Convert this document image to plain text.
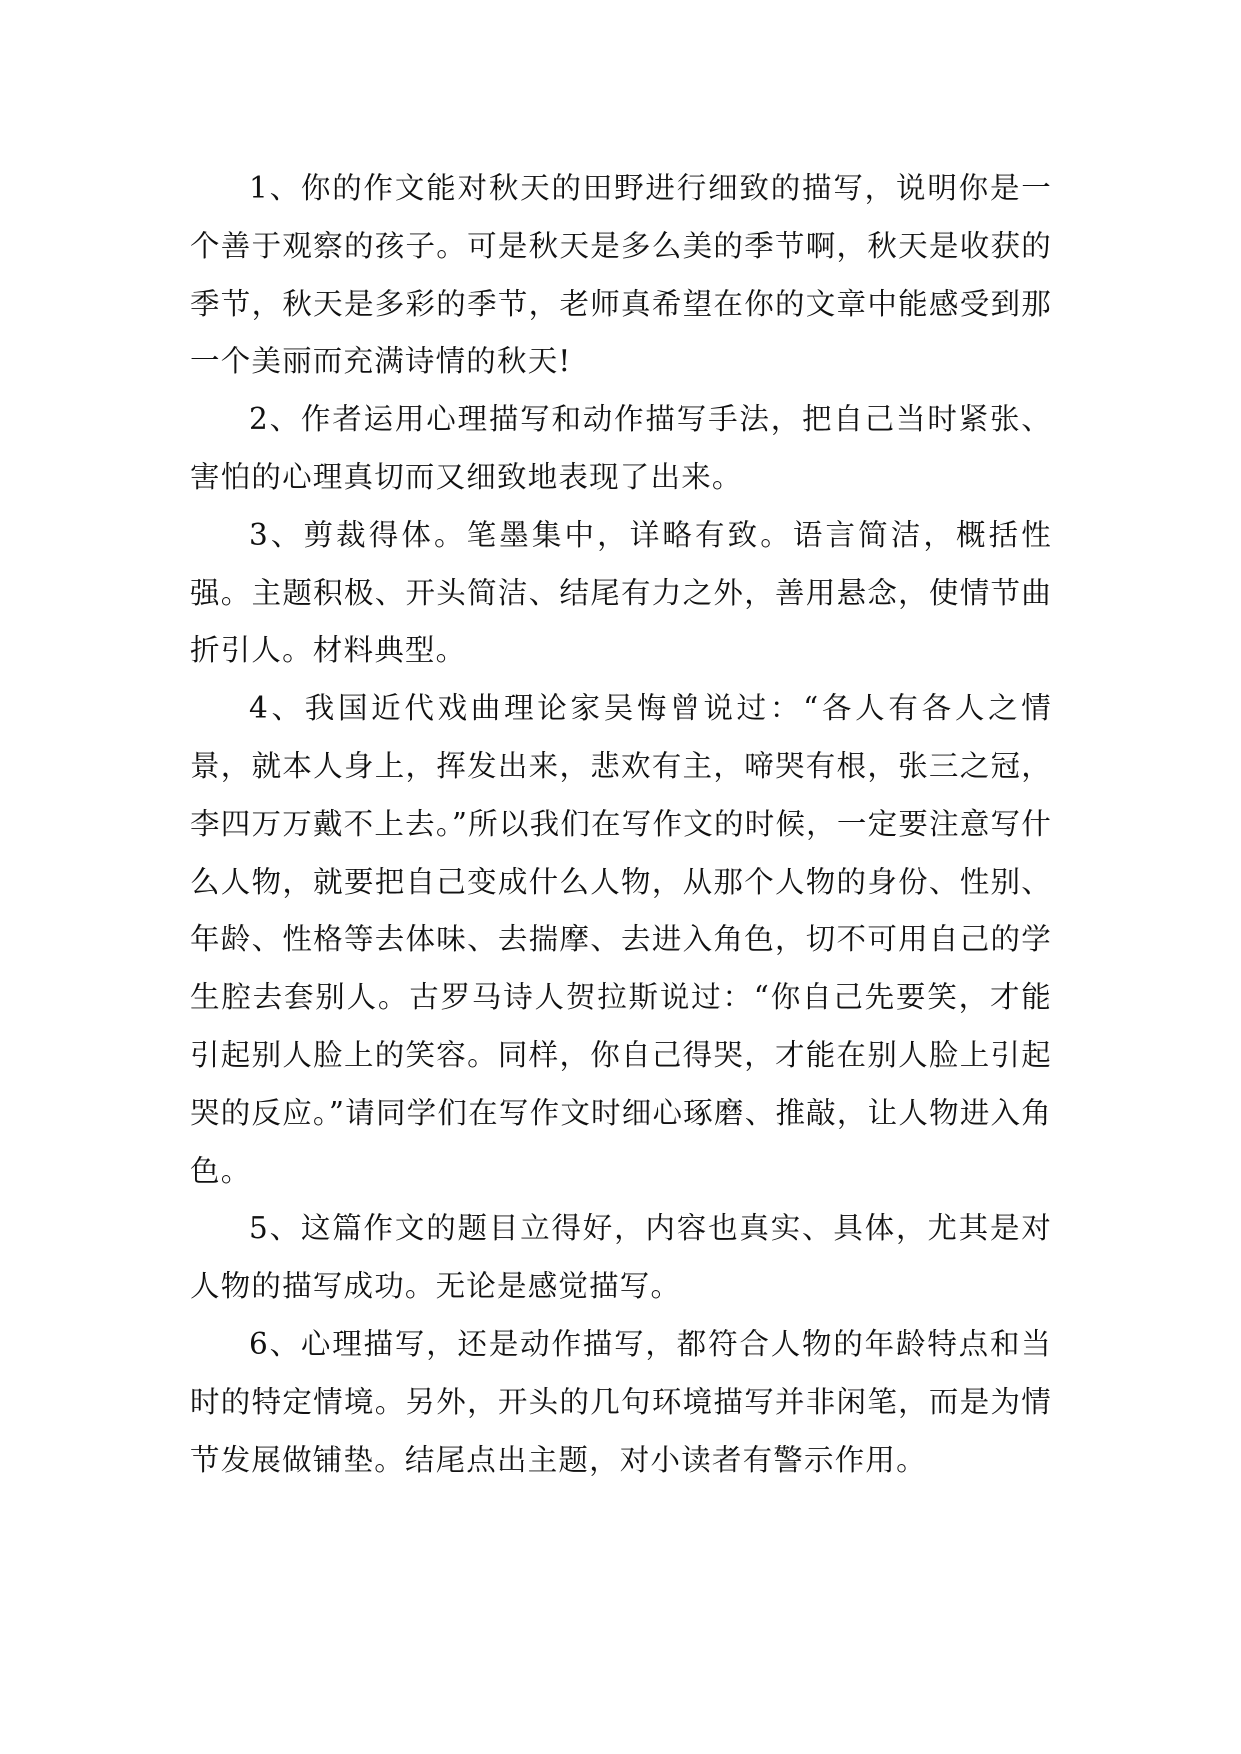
1、你的作文能对秋天的田野进行细致的描写，说明你是一个善于观察的孩子。可是秋天是多么美的季节啊，秋天是收获的季节，秋天是多彩的季节，老师真希望在你的文章中能感受到那一个美丽而充满诗情的秋天!

2、作者运用心理描写和动作描写手法，把自己当时紧张、害怕的心理真切而又细致地表现了出来。

3、剪裁得体。笔墨集中，详略有致。语言简洁，概括性强。主题积极、开头简洁、结尾有力之外，善用悬念，使情节曲折引人。材料典型。

4、我国近代戏曲理论家吴悔曾说过：“各人有各人之情景，就本人身上，挥发出来，悲欢有主，啼哭有根，张三之冠，李四万万戴不上去。”所以我们在写作文的时候，一定要注意写什么人物，就要把自己变成什么人物，从那个人物的身份、性别、年龄、性格等去体味、去揣摩、去进入角色，切不可用自己的学生腔去套别人。古罗马诗人贺拉斯说过：“你自己先要笑，才能引起别人脸上的笑容。同样，你自己得哭，才能在别人脸上引起哭的反应。”请同学们在写作文时细心琢磨、推敲，让人物进入角色。

5、这篇作文的题目立得好，内容也真实、具体，尤其是对人物的描写成功。无论是感觉描写。

6、心理描写，还是动作描写，都符合人物的年龄特点和当时的特定情境。另外，开头的几句环境描写并非闲笔，而是为情节发展做铺垫。结尾点出主题，对小读者有警示作用。
